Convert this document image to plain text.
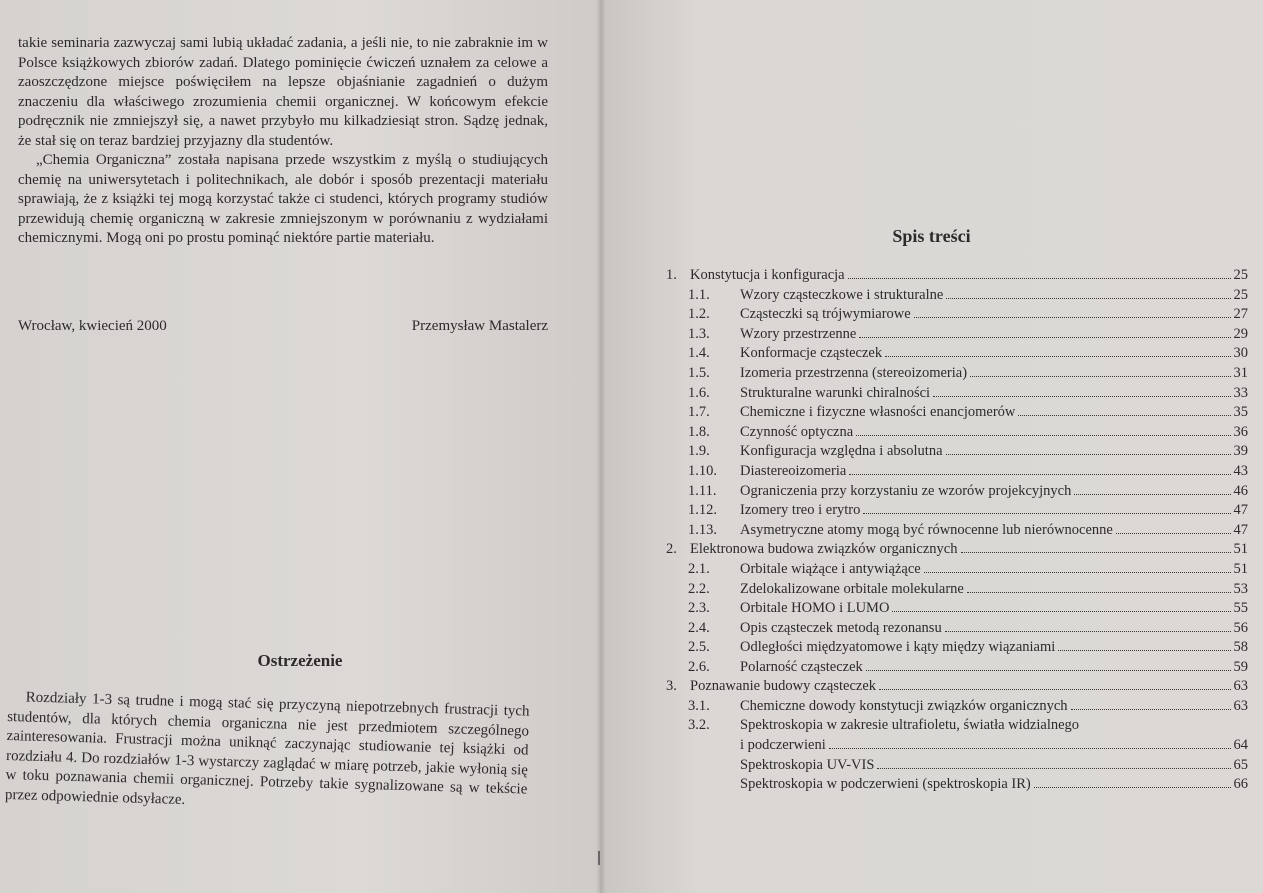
takie seminaria zazwyczaj sami lubią układać zadania, a jeśli nie, to nie zabraknie im w Polsce książkowych zbiorów zadań. Dlatego pominięcie ćwiczeń uznałem za celowe a zaoszczędzone miejsce poświęciłem na lepsze objaśnianie zagadnień o dużym znaczeniu dla właściwego zrozumienia chemii organicznej. W końcowym efekcie podręcznik nie zmniejszył się, a nawet przybyło mu kilkadziesiąt stron. Sądzę jednak, że stał się on teraz bardziej przyjazny dla studentów.

„Chemia Organiczna” została napisana przede wszystkim z myślą o studiujących chemię na uniwersytetach i politechnikach, ale dobór i sposób prezentacji materiału sprawiają, że z książki tej mogą korzystać także ci studenci, których programy studiów przewidują chemię organiczną w zakresie zmniejszonym w porównaniu z wydziałami chemicznymi. Mogą oni po prostu pominąć niektóre partie materiału.

Wrocław, kwiecień 2000	Przemysław Mastalerz
Ostrzeżenie

Rozdziały 1-3 są trudne i mogą stać się przyczyną niepotrzebnych frustracji tych studentów, dla których chemia organiczna nie jest przedmiotem szczególnego zainteresowania. Frustracji można uniknąć zaczynając studiowanie tej książki od rozdziału 4. Do rozdziałów 1-3 wystarczy zaglądać w miarę potrzeb, jakie wyłonią się w toku poznawania chemii organicznej. Potrzeby takie sygnalizowane są w tekście przez odpowiednie odsyłacze.

Spis treści
1. Konstytucja i konfiguracja	25
1.1.	Wzory cząsteczkowe i strukturalne	25
1.2.	Cząsteczki są trójwymiarowe	27
1.3.	Wzory przestrzenne	29
1.4.	Konformacje cząsteczek	30
1.5.	Izomeria przestrzenna (stereoizomeria)	31
1.6.	Strukturalne warunki chiralności	33
1.7.	Chemiczne i fizyczne własności enancjomerów	35
1.8.	Czynność optyczna	36
1.9.	Konfiguracja względna i absolutna	39
1.10.	Diastereoizomeria	43
1.11.	Ograniczenia przy korzystaniu ze wzorów projekcyjnych	46
1.12.	Izomery treo i erytro	47
1.13.	Asymetryczne atomy mogą być równocenne lub nierównocenne	47
2. Elektronowa budowa związków organicznych	51
2.1.	Orbitale wiążące i antywiążące	51
2.2.	Zdelokalizowane orbitale molekularne	53
2.3.	Orbitale HOMO i LUMO	55
2.4.	Opis cząsteczek metodą rezonansu	56
2.5.	Odległości międzyatomowe i kąty między wiązaniami	58
2.6.	Polarność cząsteczek	59
3. Poznawanie budowy cząsteczek	63
3.1.	Chemiczne dowody konstytucji związków organicznych	63
3.2.	Spektroskopia w zakresie ultrafioletu, światła widzialnego
i podczerwieni	64
Spektroskopia UV-VIS	65
Spektroskopia w podczerwieni (spektroskopia IR)	66
